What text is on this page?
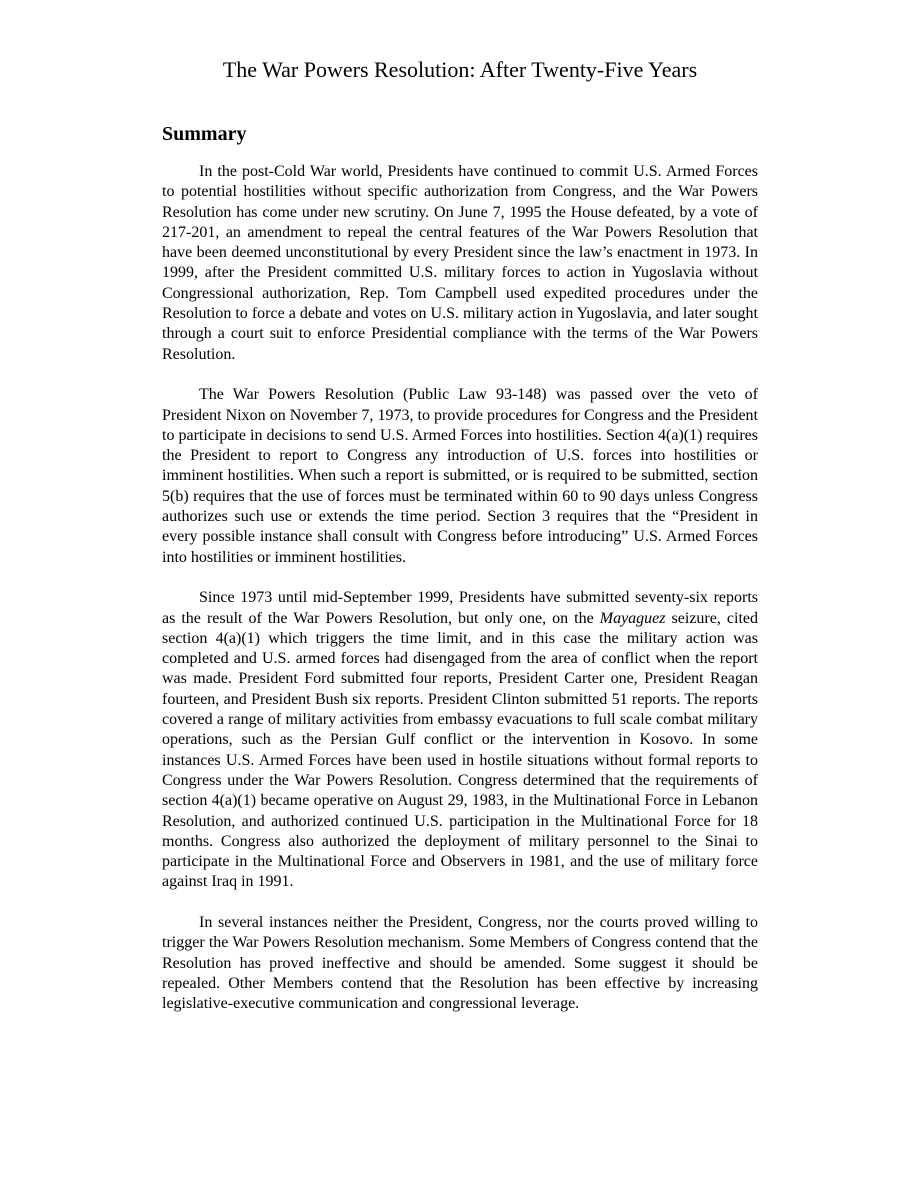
The War Powers Resolution: After Twenty-Five Years
Summary

In the post-Cold War world, Presidents have continued to commit U.S. Armed Forces to potential hostilities without specific authorization from Congress, and the War Powers Resolution has come under new scrutiny. On June 7, 1995 the House defeated, by a vote of 217-201, an amendment to repeal the central features of the War Powers Resolution that have been deemed unconstitutional by every President since the law’s enactment in 1973. In 1999, after the President committed U.S. military forces to action in Yugoslavia without Congressional authorization, Rep. Tom Campbell used expedited procedures under the Resolution to force a debate and votes on U.S. military action in Yugoslavia, and later sought through a court suit to enforce Presidential compliance with the terms of the War Powers Resolution.

The War Powers Resolution (Public Law 93-148) was passed over the veto of President Nixon on November 7, 1973, to provide procedures for Congress and the President to participate in decisions to send U.S. Armed Forces into hostilities. Section 4(a)(1) requires the President to report to Congress any introduction of U.S. forces into hostilities or imminent hostilities. When such a report is submitted, or is required to be submitted, section 5(b) requires that the use of forces must be terminated within 60 to 90 days unless Congress authorizes such use or extends the time period. Section 3 requires that the “President in every possible instance shall consult with Congress before introducing” U.S. Armed Forces into hostilities or imminent hostilities.

Since 1973 until mid-September 1999, Presidents have submitted seventy-six reports as the result of the War Powers Resolution, but only one, on the Mayaguez seizure, cited section 4(a)(1) which triggers the time limit, and in this case the military action was completed and U.S. armed forces had disengaged from the area of conflict when the report was made. President Ford submitted four reports, President Carter one, President Reagan fourteen, and President Bush six reports. President Clinton submitted 51 reports. The reports covered a range of military activities from embassy evacuations to full scale combat military operations, such as the Persian Gulf conflict or the intervention in Kosovo. In some instances U.S. Armed Forces have been used in hostile situations without formal reports to Congress under the War Powers Resolution. Congress determined that the requirements of section 4(a)(1) became operative on August 29, 1983, in the Multinational Force in Lebanon Resolution, and authorized continued U.S. participation in the Multinational Force for 18 months. Congress also authorized the deployment of military personnel to the Sinai to participate in the Multinational Force and Observers in 1981, and the use of military force against Iraq in 1991.

In several instances neither the President, Congress, nor the courts proved willing to trigger the War Powers Resolution mechanism. Some Members of Congress contend that the Resolution has proved ineffective and should be amended. Some suggest it should be repealed. Other Members contend that the Resolution has been effective by increasing legislative-executive communication and congressional leverage.
